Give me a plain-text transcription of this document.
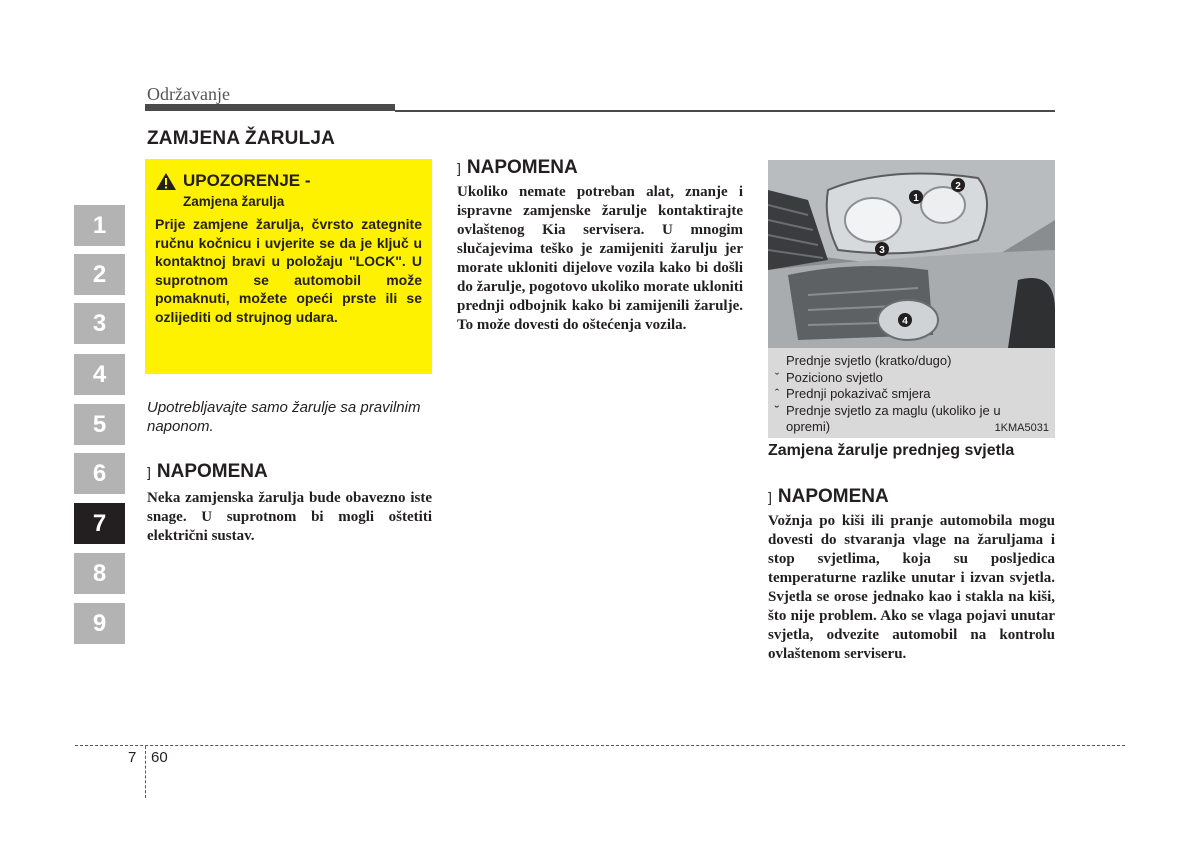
Održavanje
1
2
3
4
5
6
7
8
9
ZAMJENA ŽARULJA
UPOZORENJE -
Zamjena žarulja
Prije zamjene žarulja, čvrsto zategnite ručnu kočnicu i uvjerite se da je ključ u kontaktnoj bravi u položaju "LOCK". U suprotnom se automobil može pomaknuti, možete opeći prste ili se ozlijediti od strujnog udara.
Upotrebljavajte samo žarulje sa pravilnim naponom.
] NAPOMENA
Neka zamjenska žarulja bude obavezno iste snage. U suprotnom bi mogli oštetiti električni sustav.
] NAPOMENA
Ukoliko nemate potreban alat, znanje i ispravne zamjenske žarulje kontaktirajte ovlaštenog Kia servisera. U mnogim slučajevima teško je zamijeniti žarulju jer morate ukloniti dijelove vozila kako bi došli do žarulje, pogotovo ukoliko morate ukloniti prednji odbojnik kako bi zamijenili žarulje. To može dovesti do oštećenja vozila.
1
2
3
4
Prednje svjetlo (kratko/dugo)
ˇ Poziciono svjetlo
ˆ Prednji pokazivač smjera
˘ Prednje svjetlo za maglu (ukoliko je u opremi)	1KMA5031
Zamjena žarulje prednjeg svjetla
] NAPOMENA
Vožnja po kiši ili pranje automobila mogu dovesti do stvaranja vlage na žaruljama i stop svjetlima, koja su posljedica temperaturne razlike unutar i izvan svjetla. Svjetla se orose jednako kao i stakla na kiši, što nije problem. Ako se vlaga pojavi unutar svjetla, odvezite automobil na kontrolu ovlaštenom serviseru.
7 60
